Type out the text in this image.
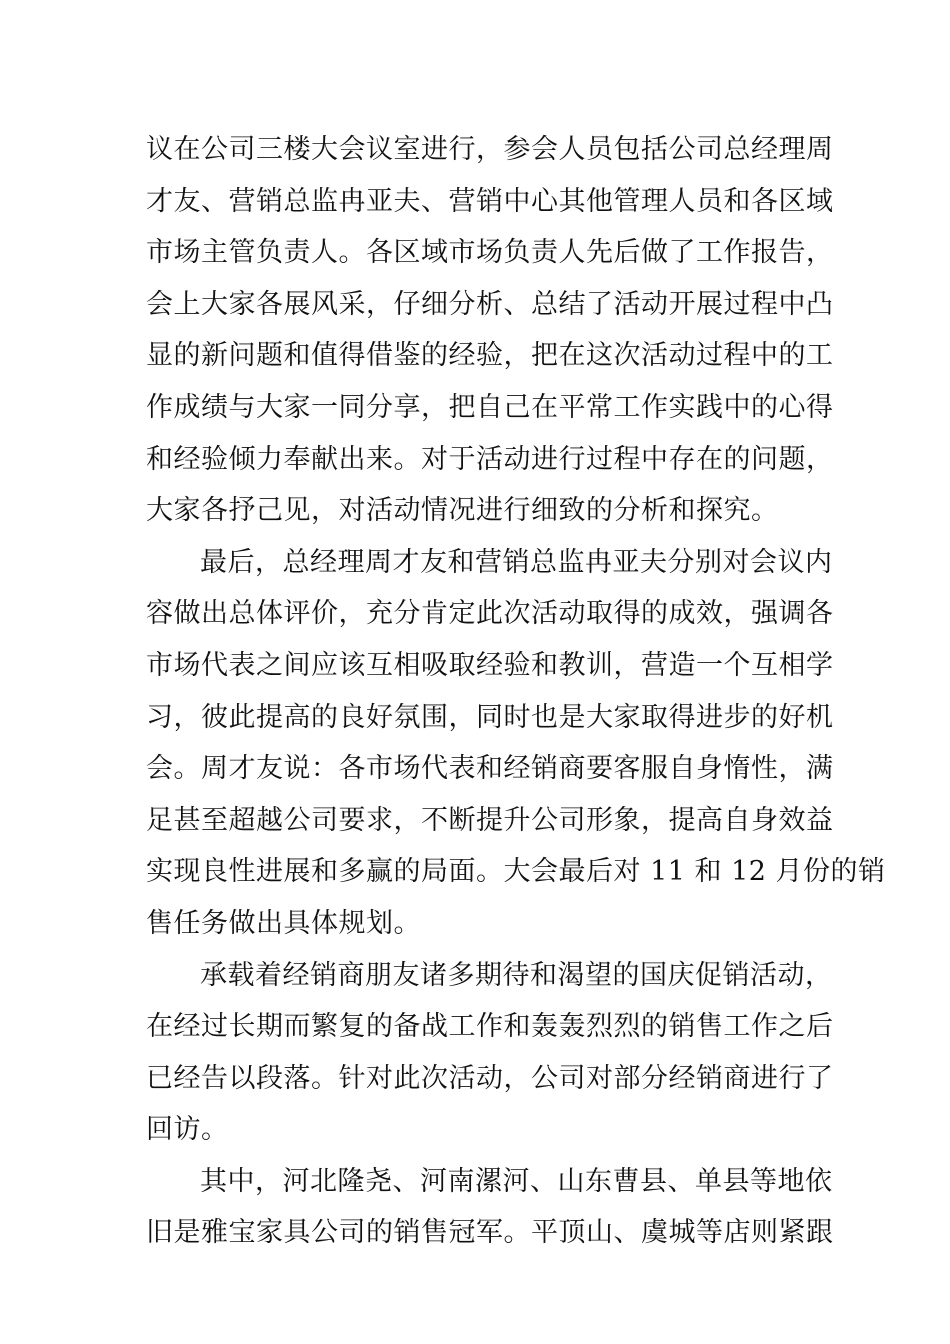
议在公司三楼大会议室进行，参会人员包括公司总经理周
才友、营销总监冉亚夫、营销中心其他管理人员和各区域
市场主管负责人。各区域市场负责人先后做了工作报告，
会上大家各展风采，仔细分析、总结了活动开展过程中凸
显的新问题和值得借鉴的经验，把在这次活动过程中的工
作成绩与大家一同分享，把自己在平常工作实践中的心得
和经验倾力奉献出来。对于活动进行过程中存在的问题，
大家各抒己见，对活动情况进行细致的分析和探究。
最后，总经理周才友和营销总监冉亚夫分别对会议内
容做出总体评价，充分肯定此次活动取得的成效，强调各
市场代表之间应该互相吸取经验和教训，营造一个互相学
习，彼此提高的良好氛围，同时也是大家取得进步的好机
会。周才友说：各市场代表和经销商要客服自身惰性，满
足甚至超越公司要求，不断提升公司形象，提高自身效益
实现良性进展和多赢的局面。大会最后对 11 和 12 月份的销
售任务做出具体规划。
承载着经销商朋友诸多期待和渴望的国庆促销活动，
在经过长期而繁复的备战工作和轰轰烈烈的销售工作之后
已经告以段落。针对此次活动，公司对部分经销商进行了
回访。
其中，河北隆尧、河南漯河、山东曹县、单县等地依
旧是雅宝家具公司的销售冠军。平顶山、虞城等店则紧跟
